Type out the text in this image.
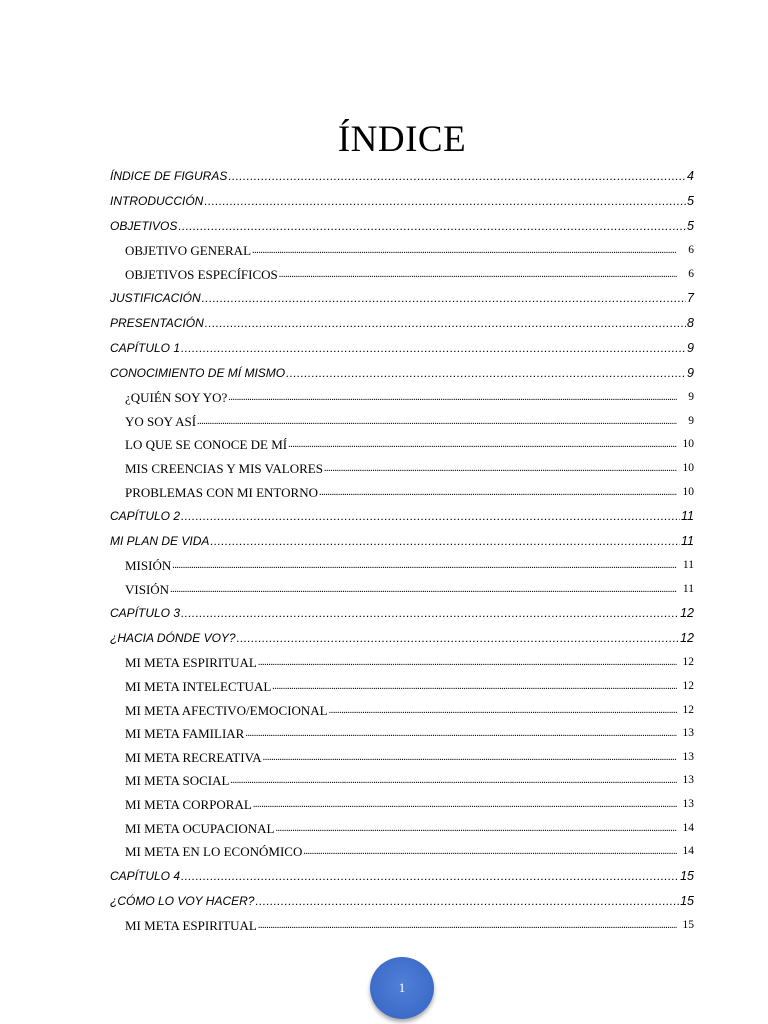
ÍNDICE
ÍNDICE DE FIGURAS .....	4
INTRODUCCIÓN .....	5
OBJETIVOS .....	5
OBJETIVO GENERAL .....	6
OBJETIVOS ESPECÍFICOS .....	6
JUSTIFICACIÓN .....	7
PRESENTACIÓN .....	8
CAPÍTULO 1 .....	9
CONOCIMIENTO DE MÍ MISMO .....	9
¿QUIÉN SOY YO? .....	9
YO SOY ASÍ .....	9
LO QUE SE CONOCE DE MÍ .....	10
MIS CREENCIAS Y MIS VALORES .....	10
PROBLEMAS CON MI ENTORNO .....	10
CAPÍTULO 2 .....	11
MI PLAN DE VIDA .....	11
MISIÓN .....	11
VISIÓN .....	11
CAPÍTULO 3 .....	12
¿HACIA DÓNDE VOY? .....	12
MI META ESPIRITUAL .....	12
MI META INTELECTUAL .....	12
MI META AFECTIVO/EMOCIONAL .....	12
MI META FAMILIAR .....	13
MI META RECREATIVA .....	13
MI META SOCIAL .....	13
MI META CORPORAL .....	13
MI META OCUPACIONAL .....	14
MI META EN LO ECONÓMICO .....	14
CAPÍTULO 4 .....	15
¿CÓMO LO VOY HACER? .....	15
MI META ESPIRITUAL .....	15
1
